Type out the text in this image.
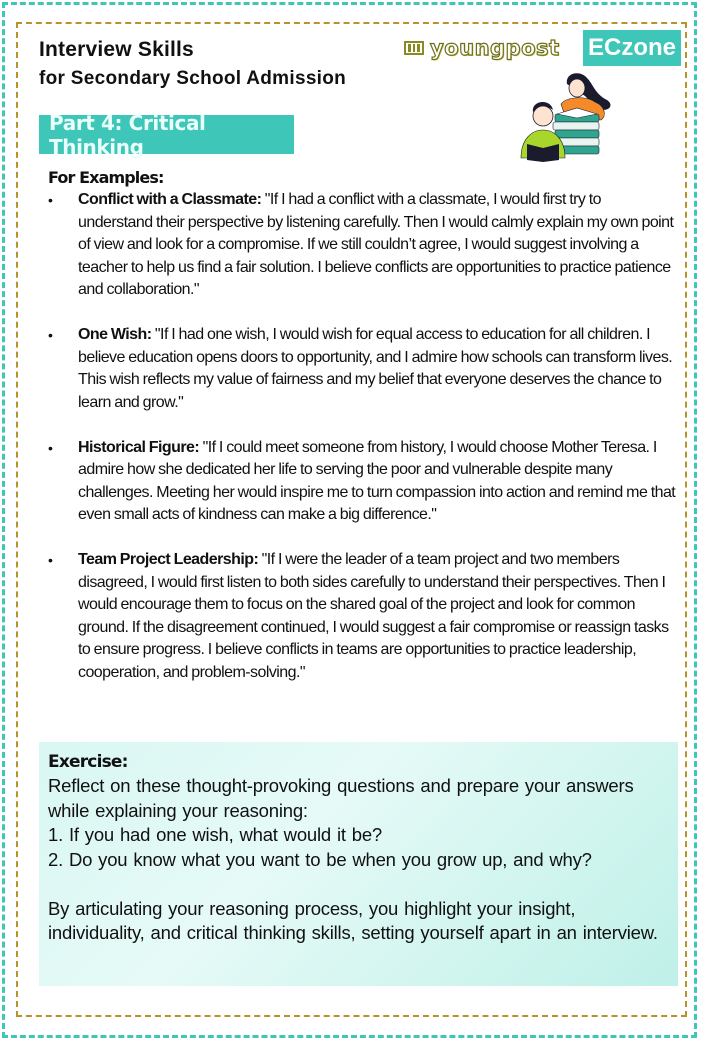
Interview Skills
for Secondary School Admission
youngpost ECzone
Part 4: Critical Thinking
For Examples:
• Conflict with a Classmate: "If I had a conflict with a classmate, I would first try to understand their perspective by listening carefully. Then I would calmly explain my own point of view and look for a compromise. If we still couldn’t agree, I would suggest involving a teacher to help us find a fair solution. I believe conflicts are opportunities to practice patience and collaboration."
• One Wish: "If I had one wish, I would wish for equal access to education for all children. I believe education opens doors to opportunity, and I admire how schools can transform lives. This wish reflects my value of fairness and my belief that everyone deserves the chance to learn and grow."
• Historical Figure: "If I could meet someone from history, I would choose Mother Teresa. I admire how she dedicated her life to serving the poor and vulnerable despite many challenges. Meeting her would inspire me to turn compassion into action and remind me that even small acts of kindness can make a big difference."
• Team Project Leadership: "If I were the leader of a team project and two members disagreed, I would first listen to both sides carefully to understand their perspectives. Then I would encourage them to focus on the shared goal of the project and look for common ground. If the disagreement continued, I would suggest a fair compromise or reassign tasks to ensure progress. I believe conflicts in teams are opportunities to practice leadership, cooperation, and problem-solving."
Exercise:
Reflect on these thought-provoking questions and prepare your answers while explaining your reasoning:
1. If you had one wish, what would it be?
2. Do you know what you want to be when you grow up, and why?
By articulating your reasoning process, you highlight your insight, individuality, and critical thinking skills, setting yourself apart in an interview.
